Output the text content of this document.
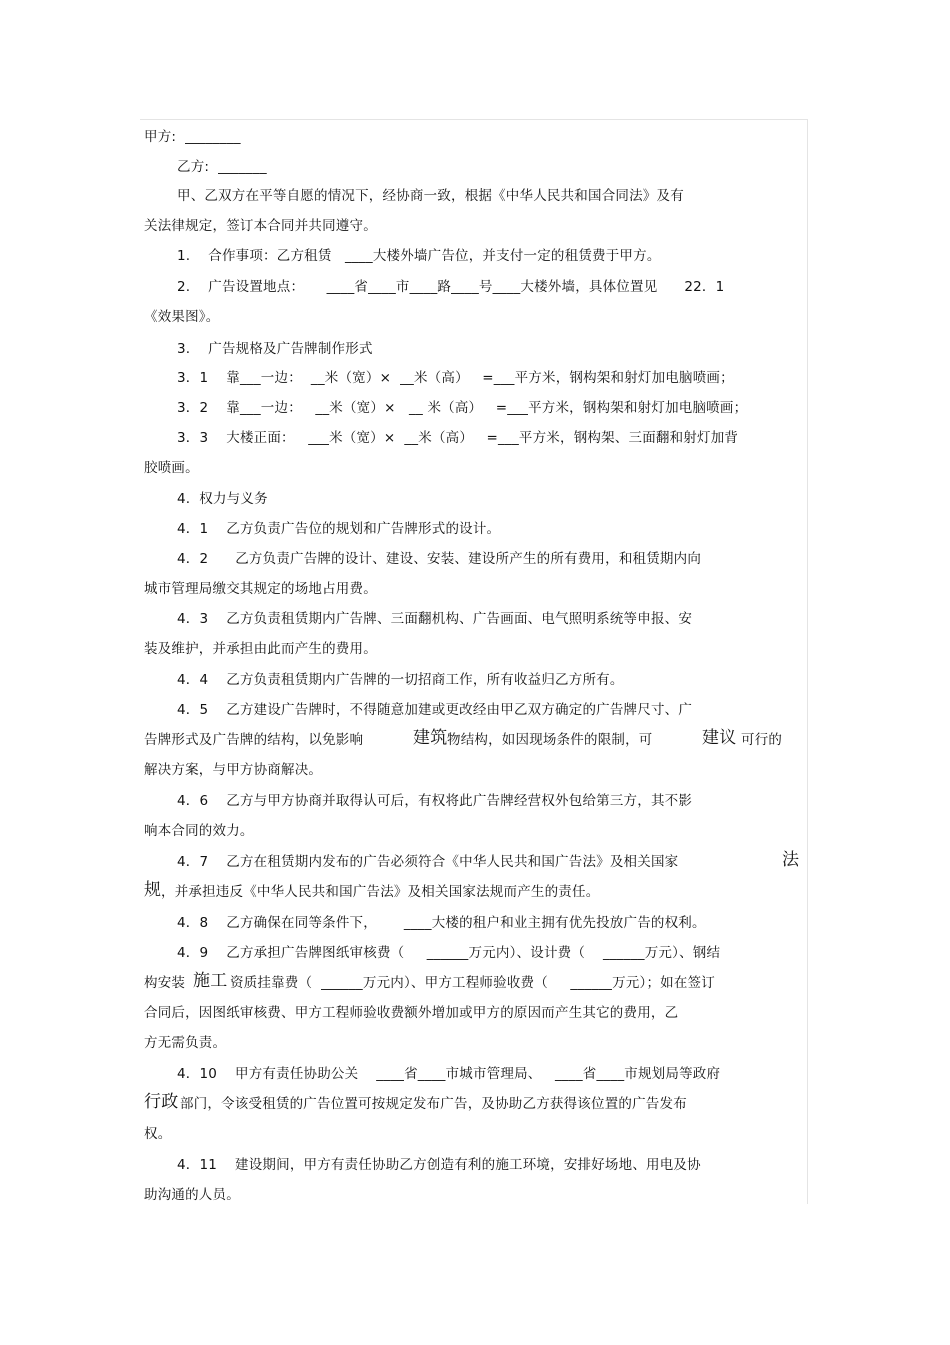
甲方:  ________
乙方:  _______
甲、乙双方在平等自愿的情况下，经协商一致，根据《中华人民共和国合同法》及有
关法律规定，签订本合同并共同遵守。
1.    合作事项：乙方租赁   ____大楼外墙广告位，并支付一定的租赁费于甲方。
2.    广告设置地点：     ____省____市____路____号____大楼外墙，具体位置见      22．1
《效果图》。
3.    广告规格及广告牌制作形式
3．1    靠___一边：  __米（宽）×  __米（高）   =___平方米，钢构架和射灯加电脑喷画；
3．2    靠___一边：   __米（宽）×   __ 米（高）   =___平方米，钢构架和射灯加电脑喷画；
3．3    大楼正面：   ___米（宽）×  __米（高）   =___平方米，钢构架、三面翻和射灯加背
胶喷画。
4.  权力与义务
4．1    乙方负责广告位的规划和广告牌形式的设计。
4．2      乙方负责广告牌的设计、建设、安装、建设所产生的所有费用，和租赁期内向
城市管理局缴交其规定的场地占用费。
4．3    乙方负责租赁期内广告牌、三面翻机构、广告画面、电气照明系统等申报、安
装及维护，并承担由此而产生的费用。
4．4    乙方负责租赁期内广告牌的一切招商工作，所有收益归乙方所有。
4．5    乙方建设广告牌时，不得随意加建或更改经由甲乙双方确定的广告牌尺寸、广
告牌形式及广告牌的结构，以免影响	建筑 物结构，如因现场条件的限制，可	建议 可行的
解决方案，与甲方协商解决。
4．6    乙方与甲方协商并取得认可后，有权将此广告牌经营权外包给第三方，其不影
响本合同的效力。
4．7    乙方在租赁期内发布的广告必须符合《中华人民共和国广告法》及相关国家	法
规 ，并承担违反《中华人民共和国广告法》及相关国家法规而产生的责任。
4．8    乙方确保在同等条件下，      ____大楼的租户和业主拥有优先投放广告的权利。
4．9    乙方承担广告牌图纸审核费（     ______万元内）、设计费（    ______万元）、钢结
构安装 施工 资质挂靠费（  ______万元内）、甲方工程师验收费（     ______万元）；如在签订
合同后，因图纸审核费、甲方工程师验收费额外增加或甲方的原因而产生其它的费用，乙
方无需负责。
4．10    甲方有责任协助公关    ____省____市城市管理局、   ____省____市规划局等政府
行政 部门，令该受租赁的广告位置可按规定发布广告，及协助乙方获得该位置的广告发布
权。
4．11    建设期间，甲方有责任协助乙方创造有利的施工环境，安排好场地、用电及协
助沟通的人员。
